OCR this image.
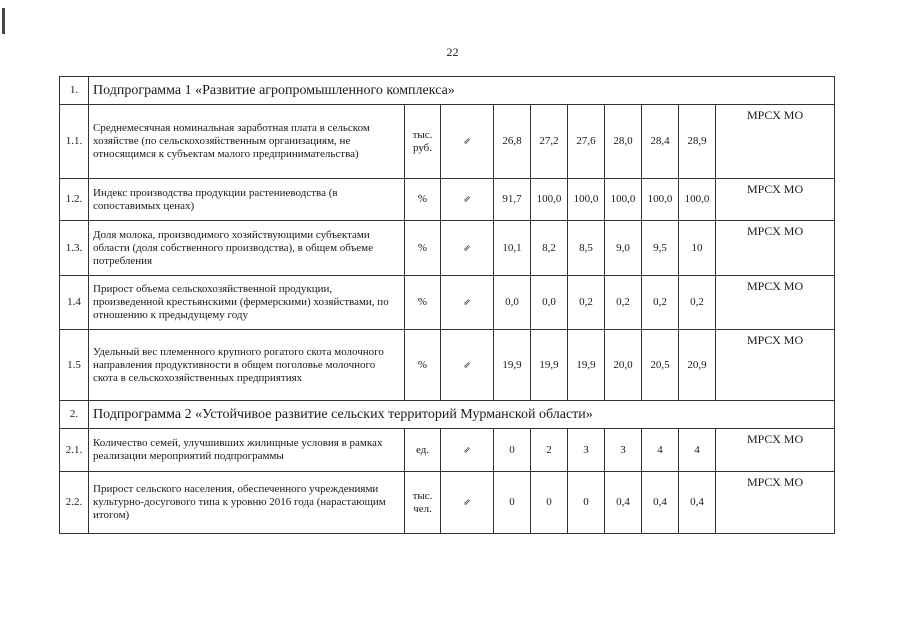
22
1.	Подпрограмма 1 «Развитие агропромышленного комплекса»									
1.1.	Среднемесячная номинальная заработная плата в сельском хозяйстве (по сельскохозяйственным организациям, не относящимся к субъектам малого предпринимательства)	тыс. руб.	⇙	26,8	27,2	27,6	28,0	28,4	28,9	МРСХ МО
1.2.	Индекс производства продукции растениеводства (в сопоставимых ценах)	%	⇙	91,7	100,0	100,0	100,0	100,0	100,0	МРСХ МО
1.3.	Доля молока, производимого хозяйствующими субъектами области (доля собственного производства), в общем объеме потребления	%	⇙	10,1	8,2	8,5	9,0	9,5	10	МРСХ МО
1.4	Прирост объема сельскохозяйственной продукции, произведенной крестьянскими (фермерскими) хозяйствами, по отношению к предыдущему году	%	⇙	0,0	0,0	0,2	0,2	0,2	0,2	МРСХ МО
1.5	Удельный вес племенного крупного рогатого скота молочного направления продуктивности в общем поголовье молочного скота в сельскохозяйственных предприятиях	%	⇙	19,9	19,9	19,9	20,0	20,5	20,9	МРСХ МО
2.	Подпрограмма 2 «Устойчивое развитие сельских территорий Мурманской области»									
2.1.	Количество семей, улучшивших жилищные условия в рамках реализации мероприятий подпрограммы	ед.	⇙	0	2	3	3	4	4	МРСХ МО
2.2.	Прирост сельского населения, обеспеченного учреждениями культурно-досугового типа к уровню 2016 года (нарастающим итогом)	тыс. чел.	⇙	0	0	0	0,4	0,4	0,4	МРСХ МО
